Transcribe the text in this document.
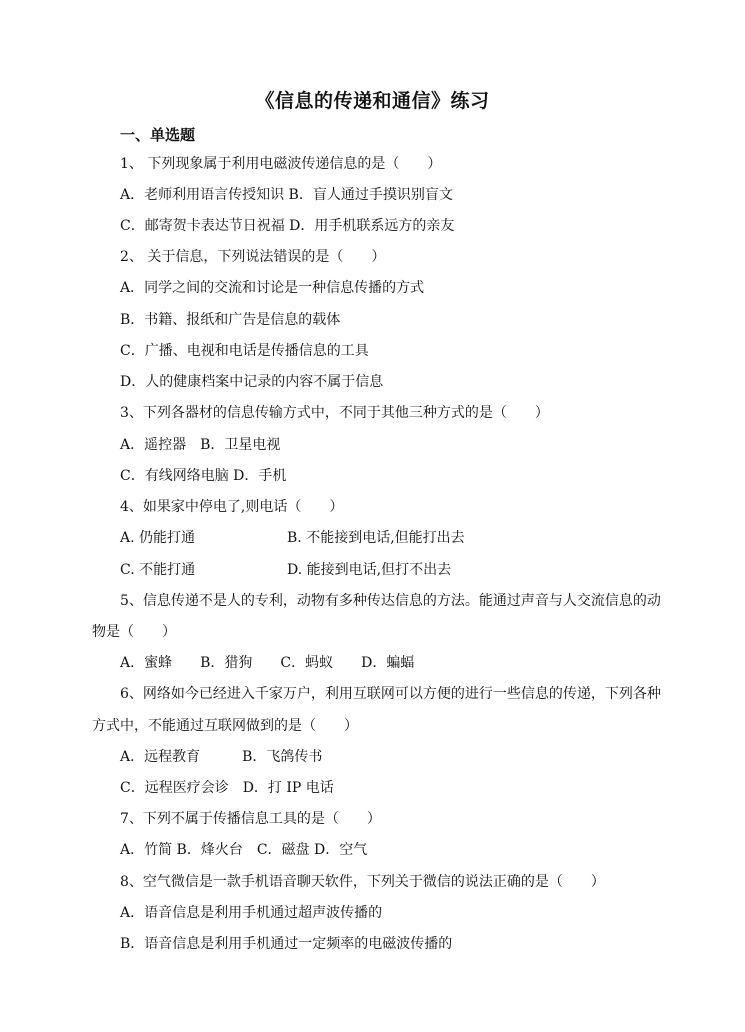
《信息的传递和通信》练习
一、单选题
1、 下列现象属于利用电磁波传递信息的是（　　）
A．老师利用语言传授知识 B．盲人通过手摸识别盲文
C．邮寄贺卡表达节日祝福 D．用手机联系远方的亲友
2、 关于信息，下列说法错误的是（　　）
A．同学之间的交流和讨论是一种信息传播的方式
B．书籍、报纸和广告是信息的载体
C．广播、电视和电话是传播信息的工具
D．人的健康档案中记录的内容不属于信息
3、下列各器材的信息传输方式中，不同于其他三种方式的是（　　）
A．遥控器　B．卫星电视
C．有线网络电脑 D．手机
4、如果家中停电了,则电话（　　）
A. 仍能打通	B. 不能接到电话,但能打出去
C. 不能打通	D. 能接到电话,但打不出去
5、信息传递不是人的专利，动物有多种传达信息的方法。能通过声音与人交流信息的动
物是（　　）
A．蜜蜂　　B．猎狗　　C．蚂蚁　　D．蝙蝠
6、网络如今已经进入千家万户，利用互联网可以方便的进行一些信息的传递，下列各种
方式中，不能通过互联网做到的是（　　）
A．远程教育　　　B．飞鸽传书
C．远程医疗会诊　D．打 IP 电话
7、下列不属于传播信息工具的是（　　）
A．竹简 B．烽火台　C．磁盘 D．空气
8、空气微信是一款手机语音聊天软件，下列关于微信的说法正确的是（　　）
A．语音信息是利用手机通过超声波传播的
B．语音信息是利用手机通过一定频率的电磁波传播的
